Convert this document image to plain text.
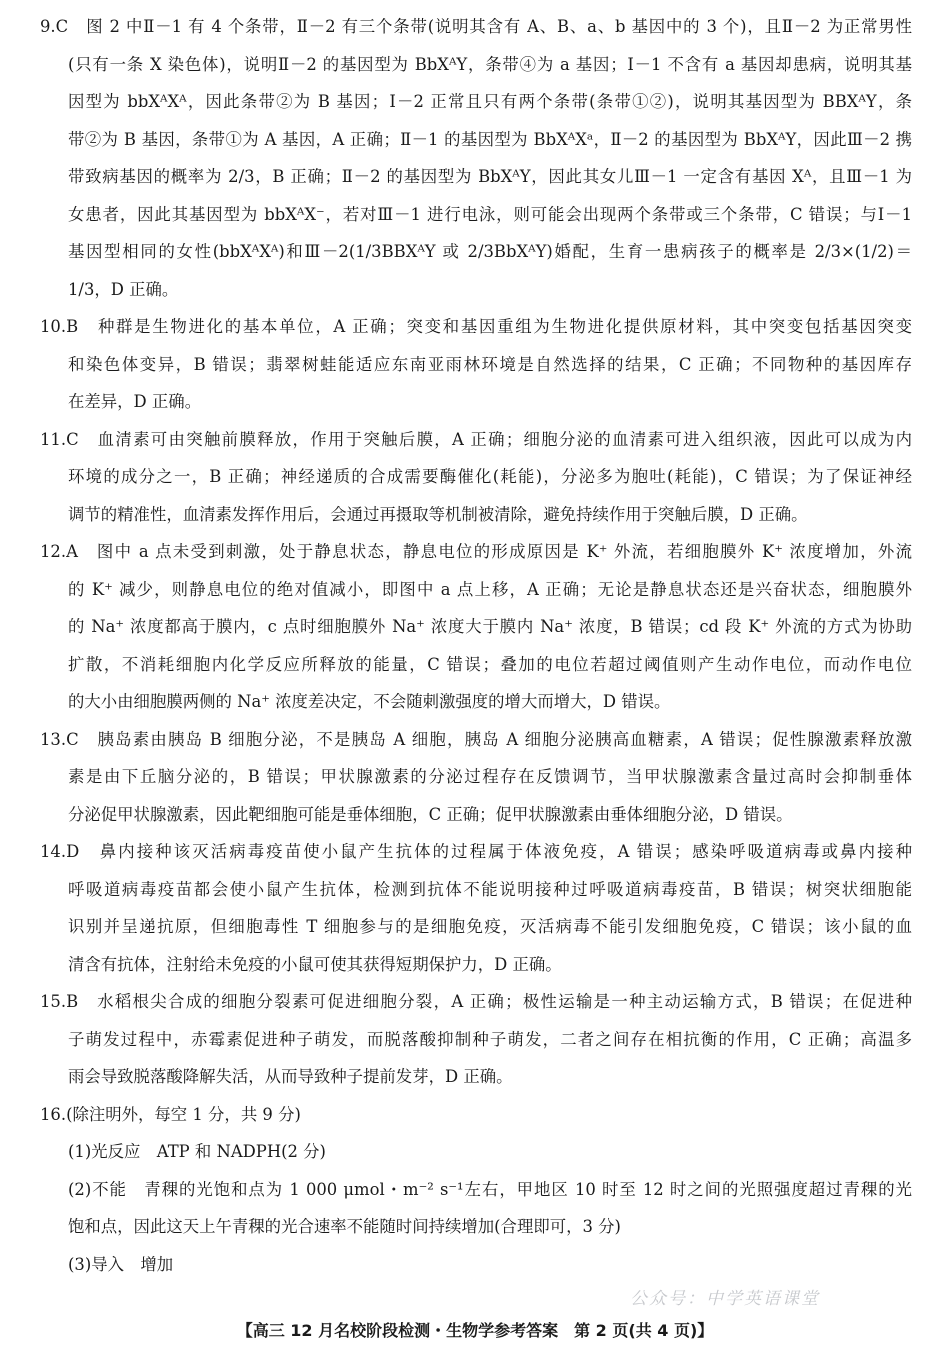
9.C　图 2 中Ⅱ－1 有 4 个条带，Ⅱ－2 有三个条带(说明其含有 A、B、a、b 基因中的 3 个)，且Ⅱ－2 为正常男性
(只有一条 X 染色体)，说明Ⅱ－2 的基因型为 BbXᴬY，条带④为 a 基因；Ⅰ－1 不含有 a 基因却患病，说明其基
因型为 bbXᴬXᴬ，因此条带②为 B 基因；Ⅰ－2 正常且只有两个条带(条带①②)，说明其基因型为 BBXᴬY，条
带②为 B 基因，条带①为 A 基因，A 正确；Ⅱ－1 的基因型为 BbXᴬXᵃ，Ⅱ－2 的基因型为 BbXᴬY，因此Ⅲ－2 携
带致病基因的概率为 2/3，B 正确；Ⅱ－2 的基因型为 BbXᴬY，因此其女儿Ⅲ－1 一定含有基因 Xᴬ，且Ⅲ－1 为
女患者，因此其基因型为 bbXᴬX⁻，若对Ⅲ－1 进行电泳，则可能会出现两个条带或三个条带，C 错误；与Ⅰ－1
基因型相同的女性(bbXᴬXᴬ)和Ⅲ－2(1/3BBXᴬY 或 2/3BbXᴬY)婚配，生育一患病孩子的概率是 2/3×(1/2)＝
1/3，D 正确。
10.B　种群是生物进化的基本单位，A 正确；突变和基因重组为生物进化提供原材料，其中突变包括基因突变
和染色体变异，B 错误；翡翠树蛙能适应东南亚雨林环境是自然选择的结果，C 正确；不同物种的基因库存
在差异，D 正确。
11.C　血清素可由突触前膜释放，作用于突触后膜，A 正确；细胞分泌的血清素可进入组织液，因此可以成为内
环境的成分之一，B 正确；神经递质的合成需要酶催化(耗能)，分泌多为胞吐(耗能)，C 错误；为了保证神经
调节的精准性，血清素发挥作用后，会通过再摄取等机制被清除，避免持续作用于突触后膜，D 正确。
12.A　图中 a 点未受到刺激，处于静息状态，静息电位的形成原因是 K⁺ 外流，若细胞膜外 K⁺ 浓度增加，外流
的 K⁺ 减少，则静息电位的绝对值减小，即图中 a 点上移，A 正确；无论是静息状态还是兴奋状态，细胞膜外
的 Na⁺ 浓度都高于膜内，c 点时细胞膜外 Na⁺ 浓度大于膜内 Na⁺ 浓度，B 错误；cd 段 K⁺ 外流的方式为协助
扩散，不消耗细胞内化学反应所释放的能量，C 错误；叠加的电位若超过阈值则产生动作电位，而动作电位
的大小由细胞膜两侧的 Na⁺ 浓度差决定，不会随刺激强度的增大而增大，D 错误。
13.C　胰岛素由胰岛 B 细胞分泌，不是胰岛 A 细胞，胰岛 A 细胞分泌胰高血糖素，A 错误；促性腺激素释放激
素是由下丘脑分泌的，B 错误；甲状腺激素的分泌过程存在反馈调节，当甲状腺激素含量过高时会抑制垂体
分泌促甲状腺激素，因此靶细胞可能是垂体细胞，C 正确；促甲状腺激素由垂体细胞分泌，D 错误。
14.D　鼻内接种该灭活病毒疫苗使小鼠产生抗体的过程属于体液免疫，A 错误；感染呼吸道病毒或鼻内接种
呼吸道病毒疫苗都会使小鼠产生抗体，检测到抗体不能说明接种过呼吸道病毒疫苗，B 错误；树突状细胞能
识别并呈递抗原，但细胞毒性 T 细胞参与的是细胞免疫，灭活病毒不能引发细胞免疫，C 错误；该小鼠的血
清含有抗体，注射给未免疫的小鼠可使其获得短期保护力，D 正确。
15.B　水稻根尖合成的细胞分裂素可促进细胞分裂，A 正确；极性运输是一种主动运输方式，B 错误；在促进种
子萌发过程中，赤霉素促进种子萌发，而脱落酸抑制种子萌发，二者之间存在相抗衡的作用，C 正确；高温多
雨会导致脱落酸降解失活，从而导致种子提前发芽，D 正确。
16.(除注明外，每空 1 分，共 9 分)
(1)光反应　ATP 和 NADPH(2 分)
(2)不能　青稞的光饱和点为 1 000 μmol・m⁻² s⁻¹左右，甲地区 10 时至 12 时之间的光照强度超过青稞的光
饱和点，因此这天上午青稞的光合速率不能随时间持续增加(合理即可，3 分)
(3)导入　增加
公众号：中学英语课堂
【高三 12 月名校阶段检测・生物学参考答案　第 2 页(共 4 页)】
